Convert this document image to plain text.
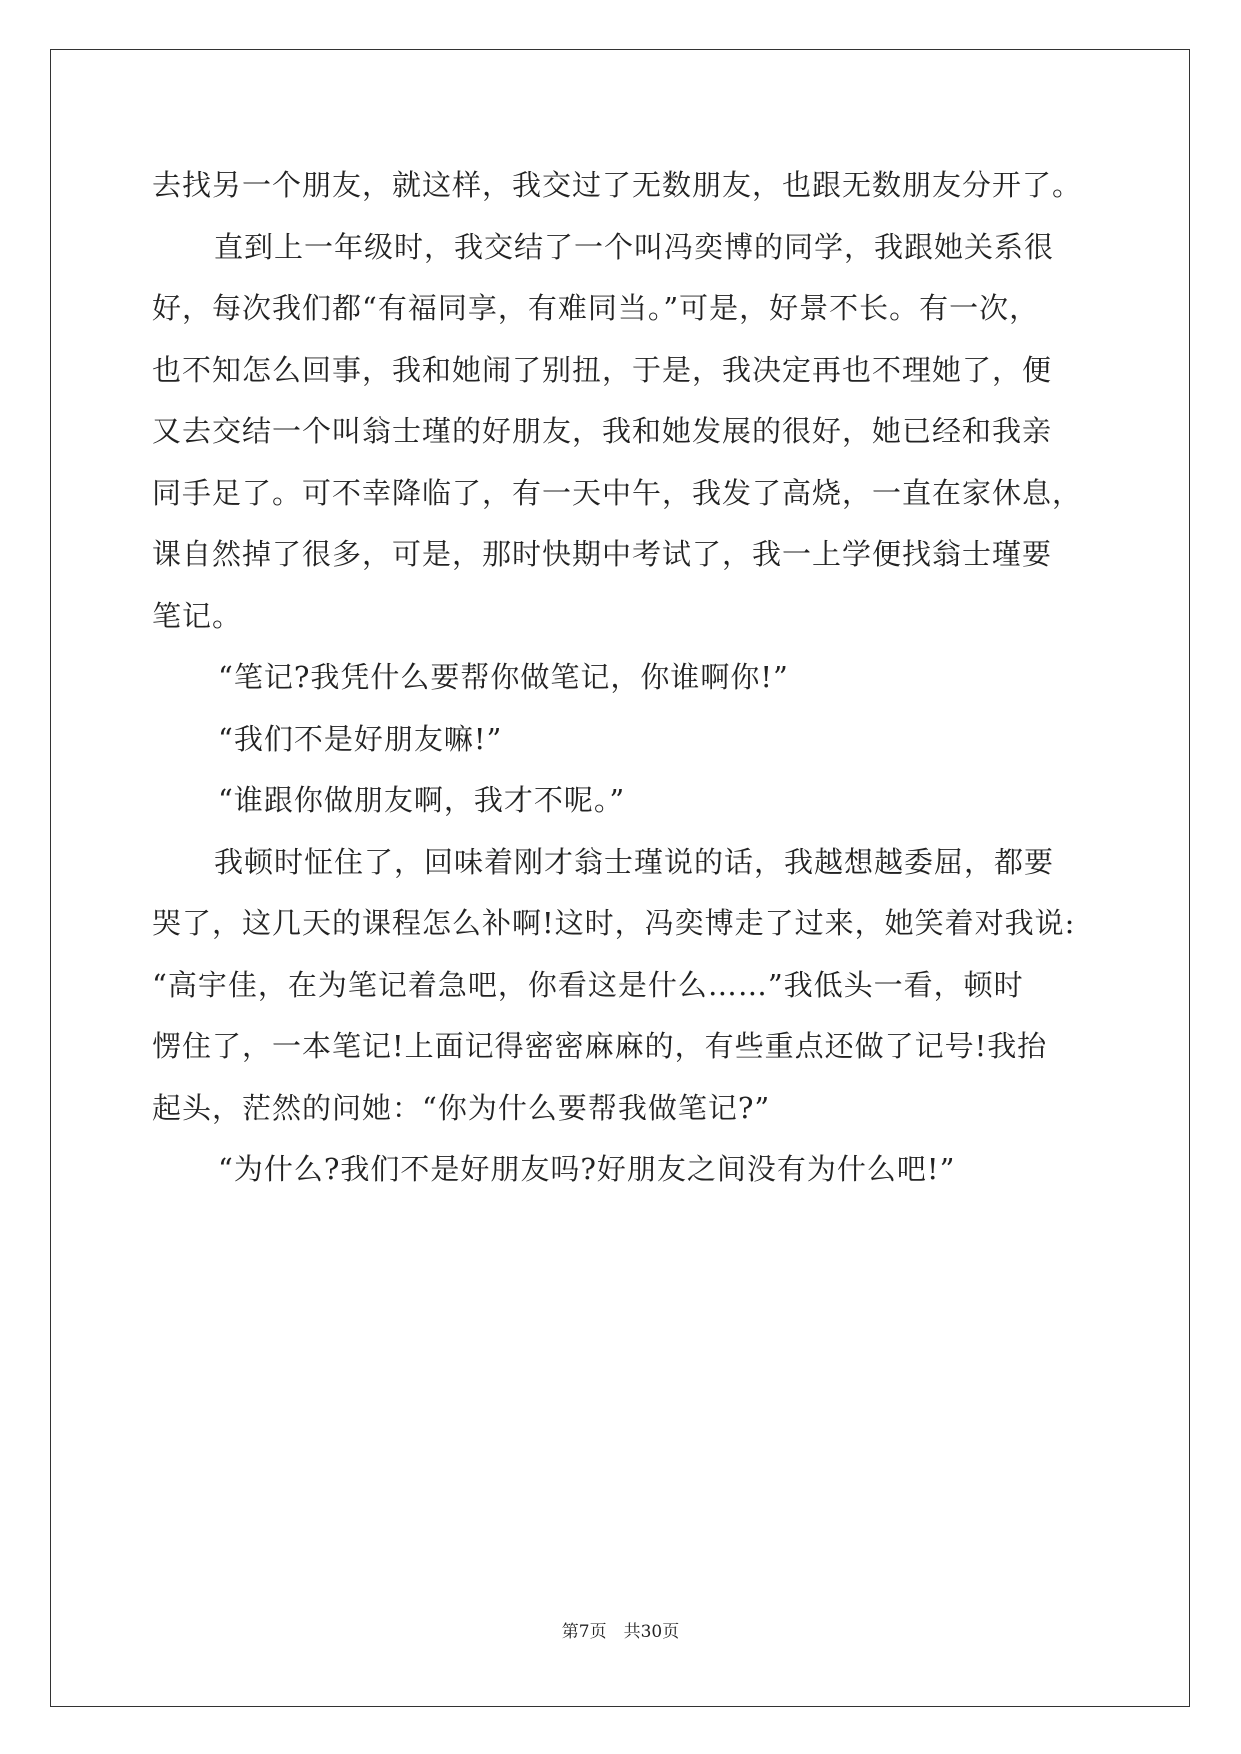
去找另一个朋友，就这样，我交过了无数朋友，也跟无数朋友分开了。
直到上一年级时，我交结了一个叫冯奕博的同学，我跟她关系很
好，每次我们都“有福同享，有难同当。”可是，好景不长。有一次，
也不知怎么回事，我和她闹了别扭，于是，我决定再也不理她了，便
又去交结一个叫翁士瑾的好朋友，我和她发展的很好，她已经和我亲
同手足了。可不幸降临了，有一天中午，我发了高烧，一直在家休息，
课自然掉了很多，可是，那时快期中考试了，我一上学便找翁士瑾要
笔记。
“笔记?我凭什么要帮你做笔记，你谁啊你!”
“我们不是好朋友嘛!”
“谁跟你做朋友啊，我才不呢。”
我顿时怔住了，回味着刚才翁士瑾说的话，我越想越委屈，都要
哭了，这几天的课程怎么补啊!这时，冯奕博走了过来，她笑着对我说:
“高宇佳，在为笔记着急吧，你看这是什么……”我低头一看，顿时
愣住了，一本笔记!上面记得密密麻麻的，有些重点还做了记号!我抬
起头，茫然的问她：“你为什么要帮我做笔记?”
“为什么?我们不是好朋友吗?好朋友之间没有为什么吧!”
第7页　共30页
